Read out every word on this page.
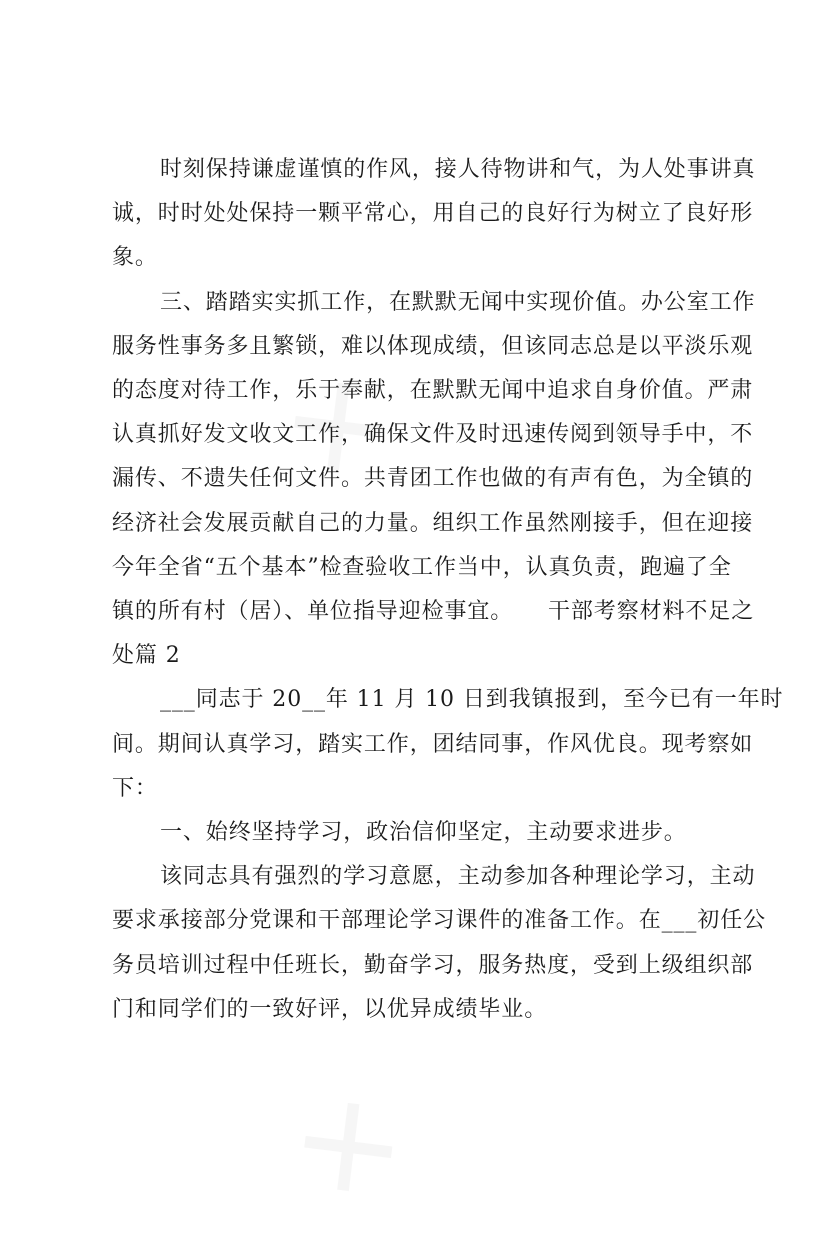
时刻保持谦虚谨慎的作风，接人待物讲和气，为人处事讲真
诚，时时处处保持一颗平常心，用自己的良好行为树立了良好形
象。
三、踏踏实实抓工作，在默默无闻中实现价值。办公室工作
服务性事务多且繁锁，难以体现成绩，但该同志总是以平淡乐观
的态度对待工作，乐于奉献，在默默无闻中追求自身价值。严肃
认真抓好发文收文工作，确保文件及时迅速传阅到领导手中，不
漏传、不遗失任何文件。共青团工作也做的有声有色，为全镇的
经济社会发展贡献自己的力量。组织工作虽然刚接手，但在迎接
今年全省“五个基本”检查验收工作当中，认真负责，跑遍了全
镇的所有村（居）、单位指导迎检事宜。　　干部考察材料不足之
处篇 2
___同志于 20__年 11 月 10 日到我镇报到，至今已有一年时
间。期间认真学习，踏实工作，团结同事，作风优良。现考察如
下：
一、始终坚持学习，政治信仰坚定，主动要求进步。
该同志具有强烈的学习意愿，主动参加各种理论学习，主动
要求承接部分党课和干部理论学习课件的准备工作。在___初任公
务员培训过程中任班长，勤奋学习，服务热度，受到上级组织部
门和同学们的一致好评，以优异成绩毕业。
